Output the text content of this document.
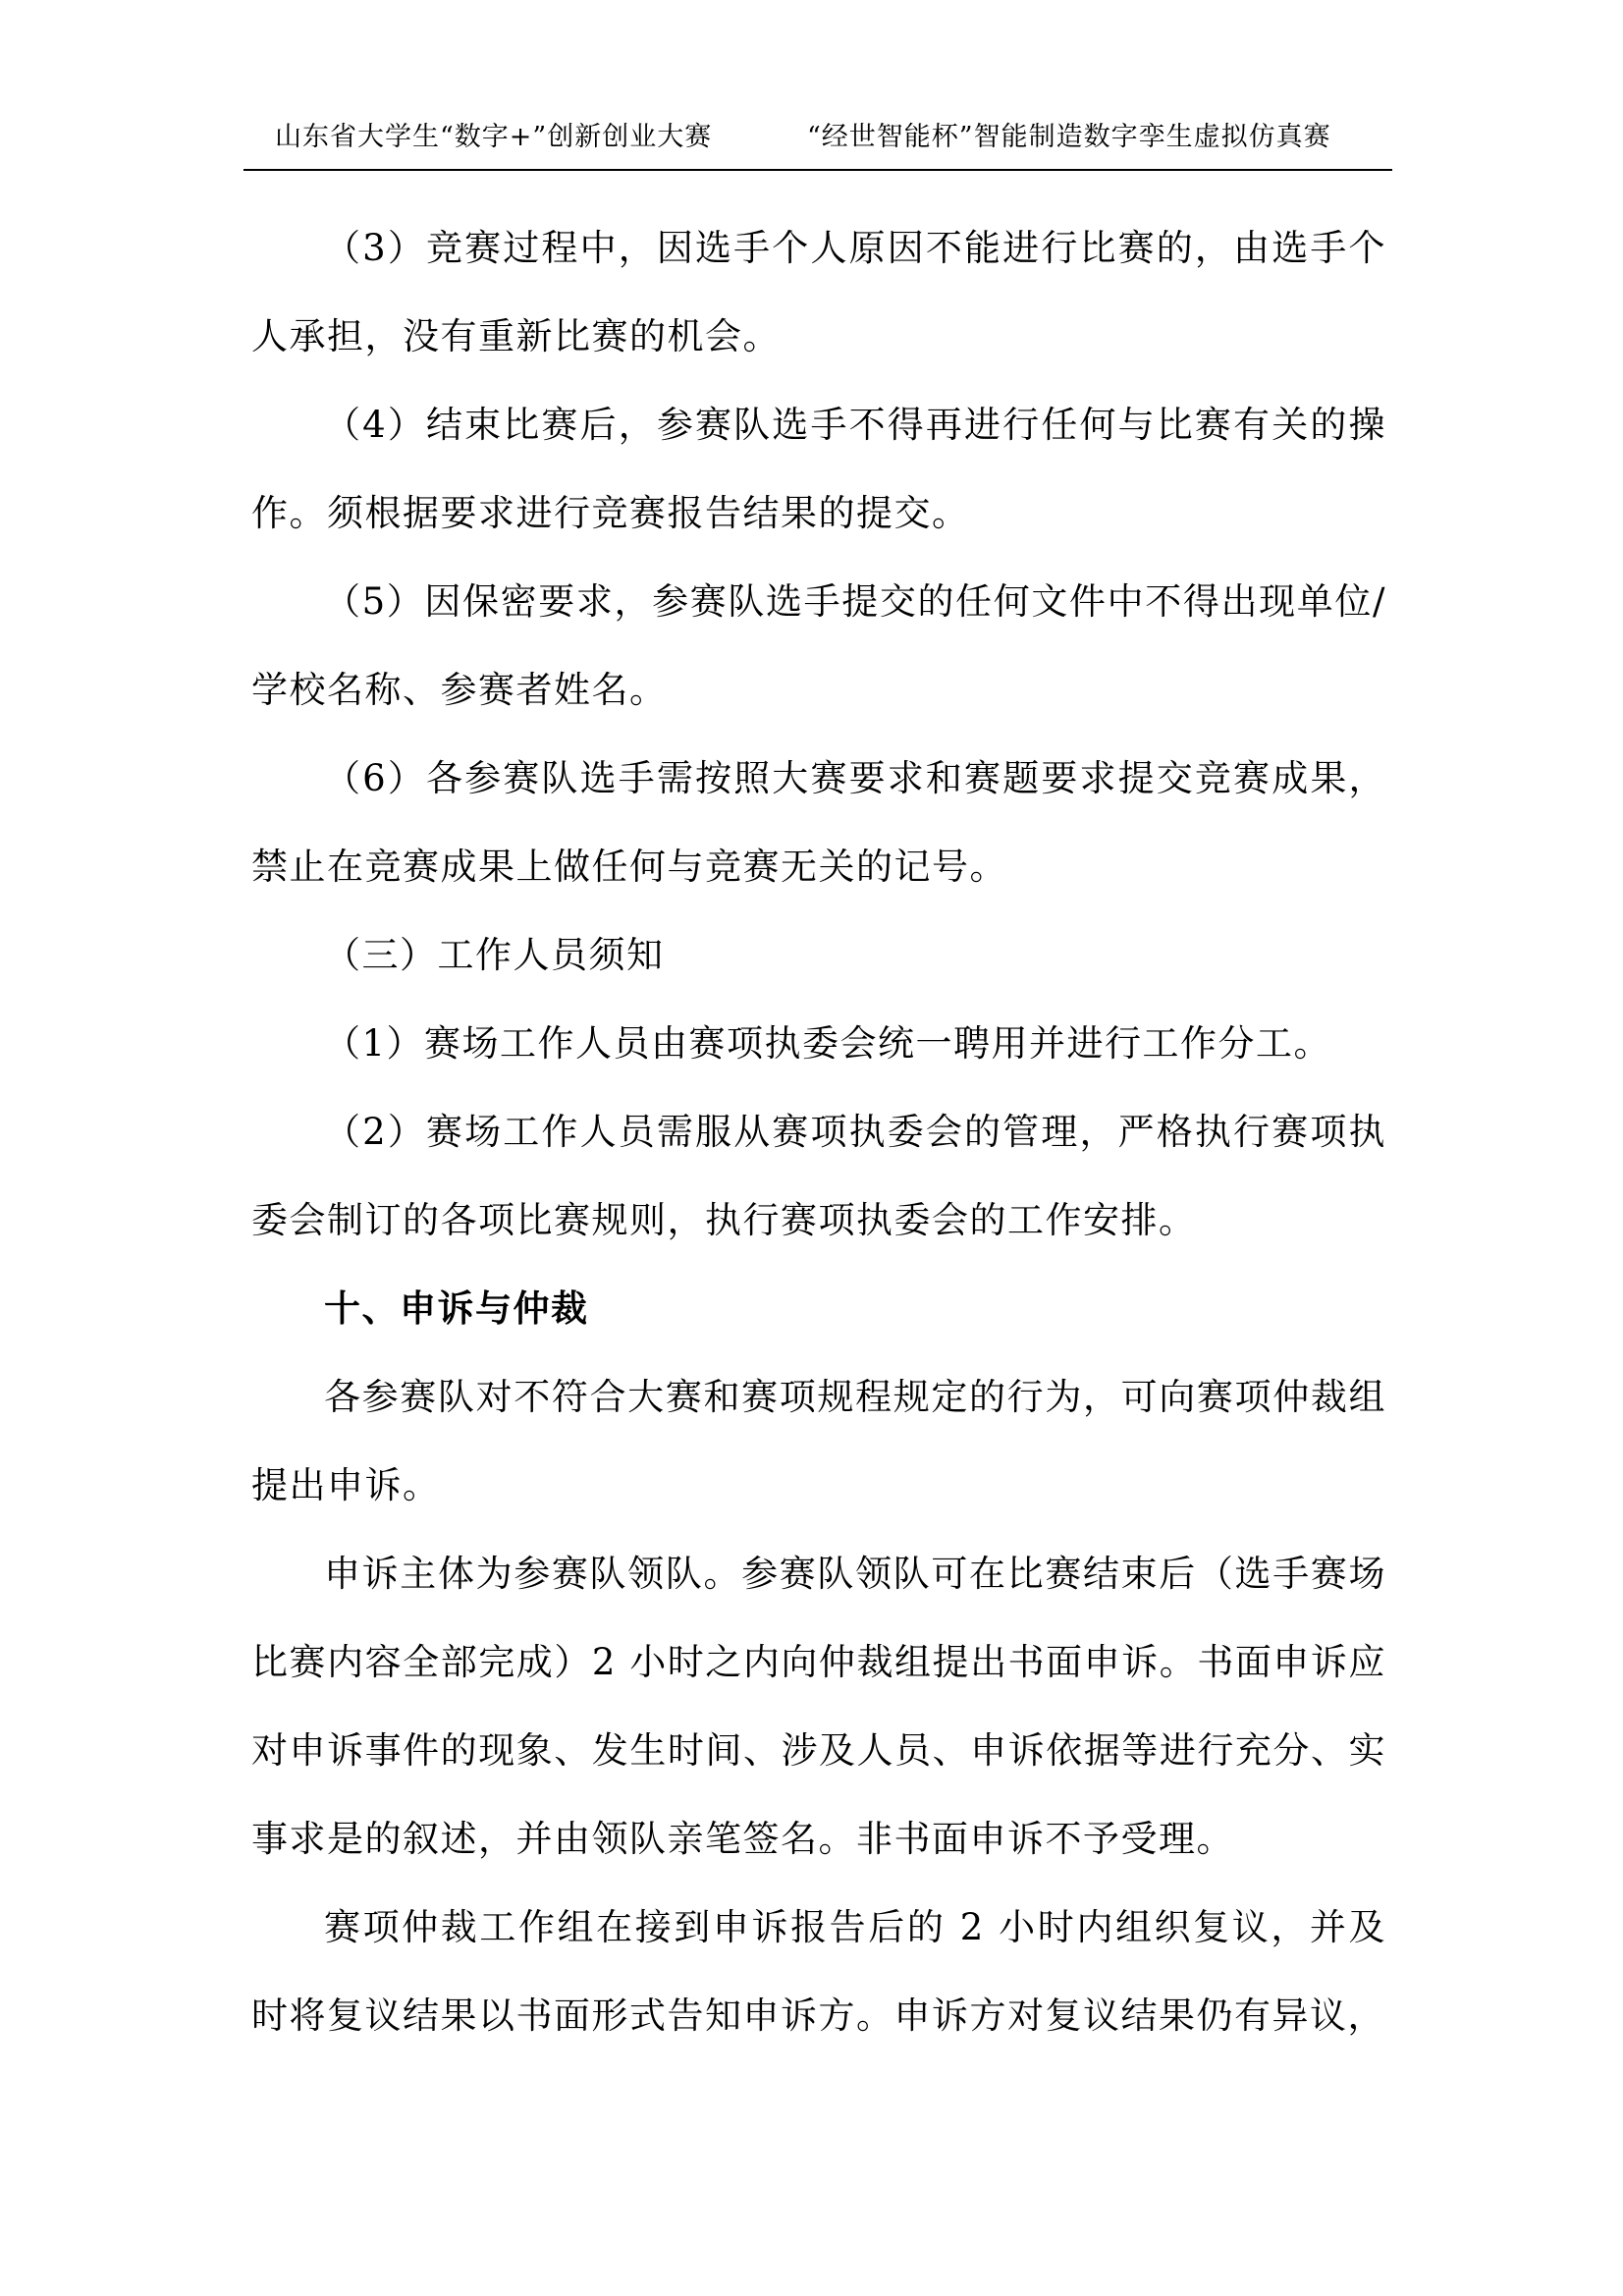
山东省大学生“数字+”创新创业大赛	“经世智能杯”智能制造数字孪生虚拟仿真赛

（3）竞赛过程中，因选手个人原因不能进行比赛的，由选手个人承担，没有重新比赛的机会。

（4）结束比赛后，参赛队选手不得再进行任何与比赛有关的操作。须根据要求进行竞赛报告结果的提交。

（5）因保密要求，参赛队选手提交的任何文件中不得出现单位/学校名称、参赛者姓名。

（6）各参赛队选手需按照大赛要求和赛题要求提交竞赛成果，禁止在竞赛成果上做任何与竞赛无关的记号。

（三）工作人员须知

（1）赛场工作人员由赛项执委会统一聘用并进行工作分工。

（2）赛场工作人员需服从赛项执委会的管理，严格执行赛项执委会制订的各项比赛规则，执行赛项执委会的工作安排。

十、申诉与仲裁

各参赛队对不符合大赛和赛项规程规定的行为，可向赛项仲裁组提出申诉。

申诉主体为参赛队领队。参赛队领队可在比赛结束后（选手赛场比赛内容全部完成）2 小时之内向仲裁组提出书面申诉。书面申诉应对申诉事件的现象、发生时间、涉及人员、申诉依据等进行充分、实事求是的叙述，并由领队亲笔签名。非书面申诉不予受理。

赛项仲裁工作组在接到申诉报告后的 2 小时内组织复议，并及时将复议结果以书面形式告知申诉方。申诉方对复议结果仍有异议，
